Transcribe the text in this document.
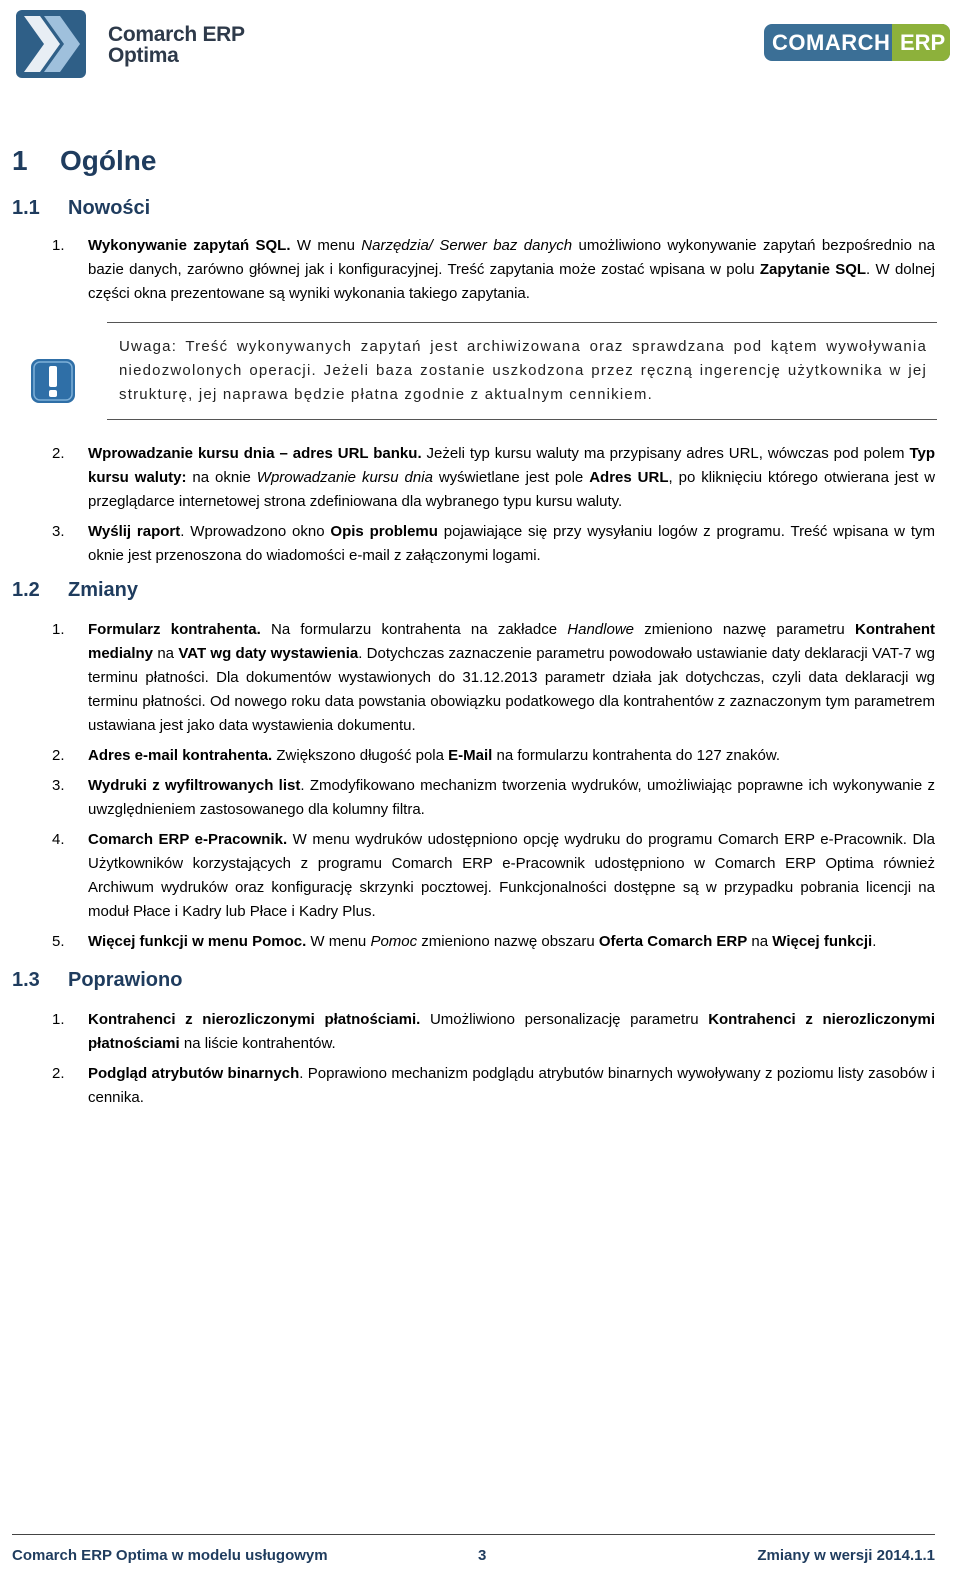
Comarch ERP
Optima
COMARCH ERP
1 Ogólne
1.1 Nowości
1.	Wykonywanie zapytań SQL. W menu Narzędzia/ Serwer baz danych umożliwiono wykonywanie zapytań bezpośrednio na bazie danych, zarówno głównej jak i konfiguracyjnej. Treść zapytania może zostać wpisana w polu Zapytanie SQL. W dolnej części okna prezentowane są wyniki wykonania takiego zapytania.

Uwaga: Treść wykonywanych zapytań jest archiwizowana oraz sprawdzana pod kątem wywoływania niedozwolonych operacji. Jeżeli baza zostanie uszkodzona przez ręczną ingerencję użytkownika w jej strukturę, jej naprawa będzie płatna zgodnie z aktualnym cennikiem.

2.	Wprowadzanie kursu dnia – adres URL banku. Jeżeli typ kursu waluty ma przypisany adres URL, wówczas pod polem Typ kursu waluty: na oknie Wprowadzanie kursu dnia wyświetlane jest pole Adres URL, po kliknięciu którego otwierana jest w przeglądarce internetowej strona zdefiniowana dla wybranego typu kursu waluty.
3.	Wyślij raport. Wprowadzono okno Opis problemu pojawiające się przy wysyłaniu logów z programu. Treść wpisana w tym oknie jest przenoszona do wiadomości e-mail z załączonymi logami.
1.2 Zmiany
1.	Formularz kontrahenta. Na formularzu kontrahenta na zakładce Handlowe zmieniono nazwę parametru Kontrahent medialny na VAT wg daty wystawienia. Dotychczas zaznaczenie parametru powodowało ustawianie daty deklaracji VAT-7 wg terminu płatności. Dla dokumentów wystawionych do 31.12.2013 parametr działa jak dotychczas, czyli data deklaracji wg terminu płatności. Od nowego roku data powstania obowiązku podatkowego dla kontrahentów z zaznaczonym tym parametrem ustawiana jest jako data wystawienia dokumentu.
2.	Adres e-mail kontrahenta. Zwiększono długość pola E-Mail na formularzu kontrahenta do 127 znaków.
3.	Wydruki z wyfiltrowanych list. Zmodyfikowano mechanizm tworzenia wydruków, umożliwiając poprawne ich wykonywanie z uwzględnieniem zastosowanego dla kolumny filtra.
4.	Comarch ERP e-Pracownik. W menu wydruków udostępniono opcję wydruku do programu Comarch ERP e-Pracownik. Dla Użytkowników korzystających z programu Comarch ERP e-Pracownik udostępniono w Comarch ERP Optima również Archiwum wydruków oraz konfigurację skrzynki pocztowej. Funkcjonalności dostępne są w przypadku pobrania licencji na moduł Płace i Kadry lub Płace i Kadry Plus.
5.	Więcej funkcji w menu Pomoc. W menu Pomoc zmieniono nazwę obszaru Oferta Comarch ERP na Więcej funkcji.
1.3 Poprawiono
1.	Kontrahenci z nierozliczonymi płatnościami. Umożliwiono personalizację parametru Kontrahenci z nierozliczonymi płatnościami na liście kontrahentów.
2.	Podgląd atrybutów binarnych. Poprawiono mechanizm podglądu atrybutów binarnych wywoływany z poziomu listy zasobów i cennika.
Comarch ERP Optima w modelu usługowym	3	Zmiany w wersji 2014.1.1
